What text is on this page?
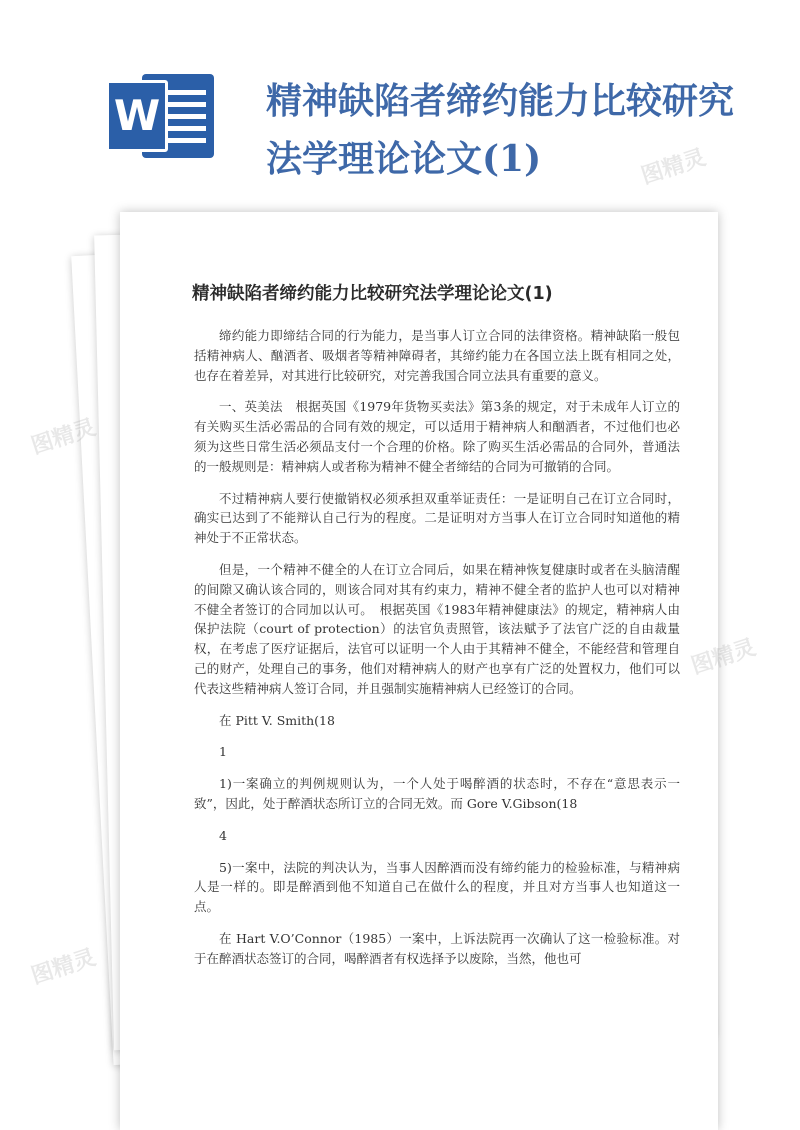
W	精神缺陷者缔约能力比较研究
法学理论论文(1)
精神缺陷者缔约能力比较研究法学理论论文(1)

缔约能力即缔结合同的行为能力，是当事人订立合同的法律资格。精神缺陷一般包括精神病人、酗酒者、吸烟者等精神障碍者，其缔约能力在各国立法上既有相同之处，也存在着差异，对其进行比较研究，对完善我国合同立法具有重要的意义。

一、英美法　根据英国《1979年货物买卖法》第3条的规定，对于未成年人订立的有关购买生活必需品的合同有效的规定，可以适用于精神病人和酗酒者，不过他们也必须为这些日常生活必须品支付一个合理的价格。除了购买生活必需品的合同外，普通法的一般规则是：精神病人或者称为精神不健全者缔结的合同为可撤销的合同。

不过精神病人要行使撤销权必须承担双重举证责任：一是证明自己在订立合同时，确实已达到了不能辩认自己行为的程度。二是证明对方当事人在订立合同时知道他的精神处于不正常状态。

但是，一个精神不健全的人在订立合同后，如果在精神恢复健康时或者在头脑清醒的间隙又确认该合同的，则该合同对其有约束力，精神不健全者的监护人也可以对精神不健全者签订的合同加以认可。　根据英国《1983年精神健康法》的规定，精神病人由保护法院（court of protection）的法官负责照管，该法赋予了法官广泛的自由裁量权，在考虑了医疗证据后，法官可以证明一个人由于其精神不健全，不能经营和管理自己的财产，处理自己的事务，他们对精神病人的财产也享有广泛的处置权力，他们可以代表这些精神病人签订合同，并且强制实施精神病人已经签订的合同。

在 Pitt V. Smith(18

1

1)一案确立的判例规则认为，一个人处于喝醉酒的状态时，不存在“意思表示一致”，因此，处于醉酒状态所订立的合同无效。而 Gore V.Gibson(18

4

5)一案中，法院的判决认为，当事人因醉酒而没有缔约能力的检验标准，与精神病人是一样的。即是醉酒到他不知道自己在做什么的程度，并且对方当事人也知道这一点。

在 Hart V.O’Connor（1985）一案中，上诉法院再一次确认了这一检验标准。对于在醉酒状态签订的合同，喝醉酒者有权选择予以废除，当然，他也可

图精灵
图精灵
图精灵
图精灵
